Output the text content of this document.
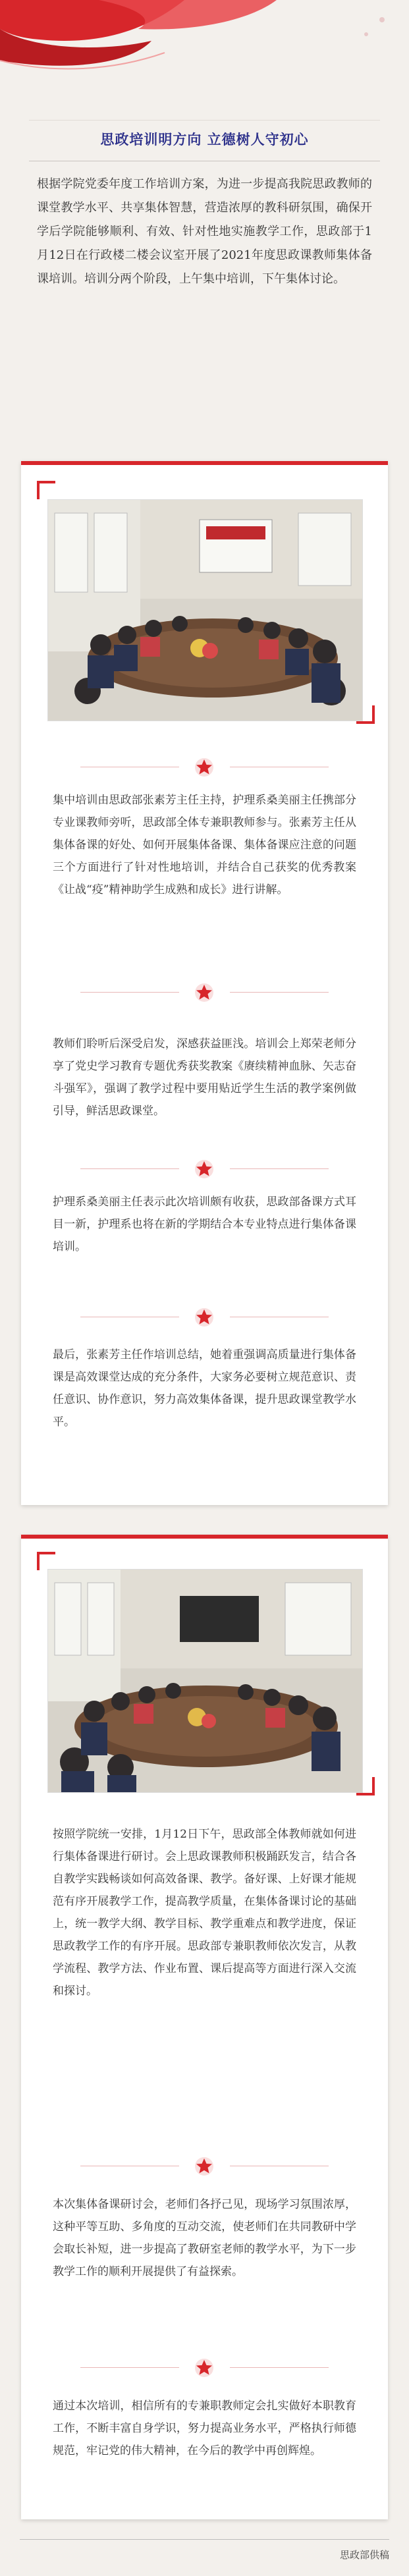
思政培训明方向 立德树人守初心
根据学院党委年度工作培训方案，为进一步提高我院思政教师的课堂教学水平、共享集体智慧，营造浓厚的教科研氛围，确保开学后学院能够顺利、有效、针对性地实施教学工作，思政部于1月12日在行政楼二楼会议室开展了2021年度思政课教师集体备课培训。培训分两个阶段，上午集中培训，下午集体讨论。
集中培训由思政部张素芳主任主持，护理系桑美丽主任携部分专业课教师旁听，思政部全体专兼职教师参与。张素芳主任从集体备课的好处、如何开展集体备课、集体备课应注意的问题三个方面进行了针对性地培训，并结合自己获奖的优秀教案《让战“疫”精神助学生成熟和成长》进行讲解。
教师们聆听后深受启发，深感获益匪浅。培训会上郑荣老师分享了党史学习教育专题优秀获奖教案《赓续精神血脉、矢志奋斗强军》，强调了教学过程中要用贴近学生生活的教学案例做引导，鲜活思政课堂。
护理系桑美丽主任表示此次培训颇有收获，思政部备课方式耳目一新，护理系也将在新的学期结合本专业特点进行集体备课培训。
最后，张素芳主任作培训总结，她着重强调高质量进行集体备课是高效课堂达成的充分条件，大家务必要树立规范意识、责任意识、协作意识，努力高效集体备课，提升思政课堂教学水平。
按照学院统一安排，1月12日下午，思政部全体教师就如何进行集体备课进行研讨。会上思政课教师积极踊跃发言，结合各自教学实践畅谈如何高效备课、教学。备好课、上好课才能规范有序开展教学工作，提高教学质量，在集体备课讨论的基础上，统一教学大纲、教学目标、教学重难点和教学进度，保证思政教学工作的有序开展。思政部专兼职教师依次发言，从教学流程、教学方法、作业布置、课后提高等方面进行深入交流和探讨。
本次集体备课研讨会，老师们各抒己见，现场学习氛围浓厚，这种平等互助、多角度的互动交流，使老师们在共同教研中学会取长补短，进一步提高了教研室老师的教学水平，为下一步教学工作的顺利开展提供了有益探索。
通过本次培训，相信所有的专兼职教师定会扎实做好本职教育工作，不断丰富自身学识，努力提高业务水平，严格执行师德规范，牢记党的伟大精神，在今后的教学中再创辉煌。
思政部供稿
